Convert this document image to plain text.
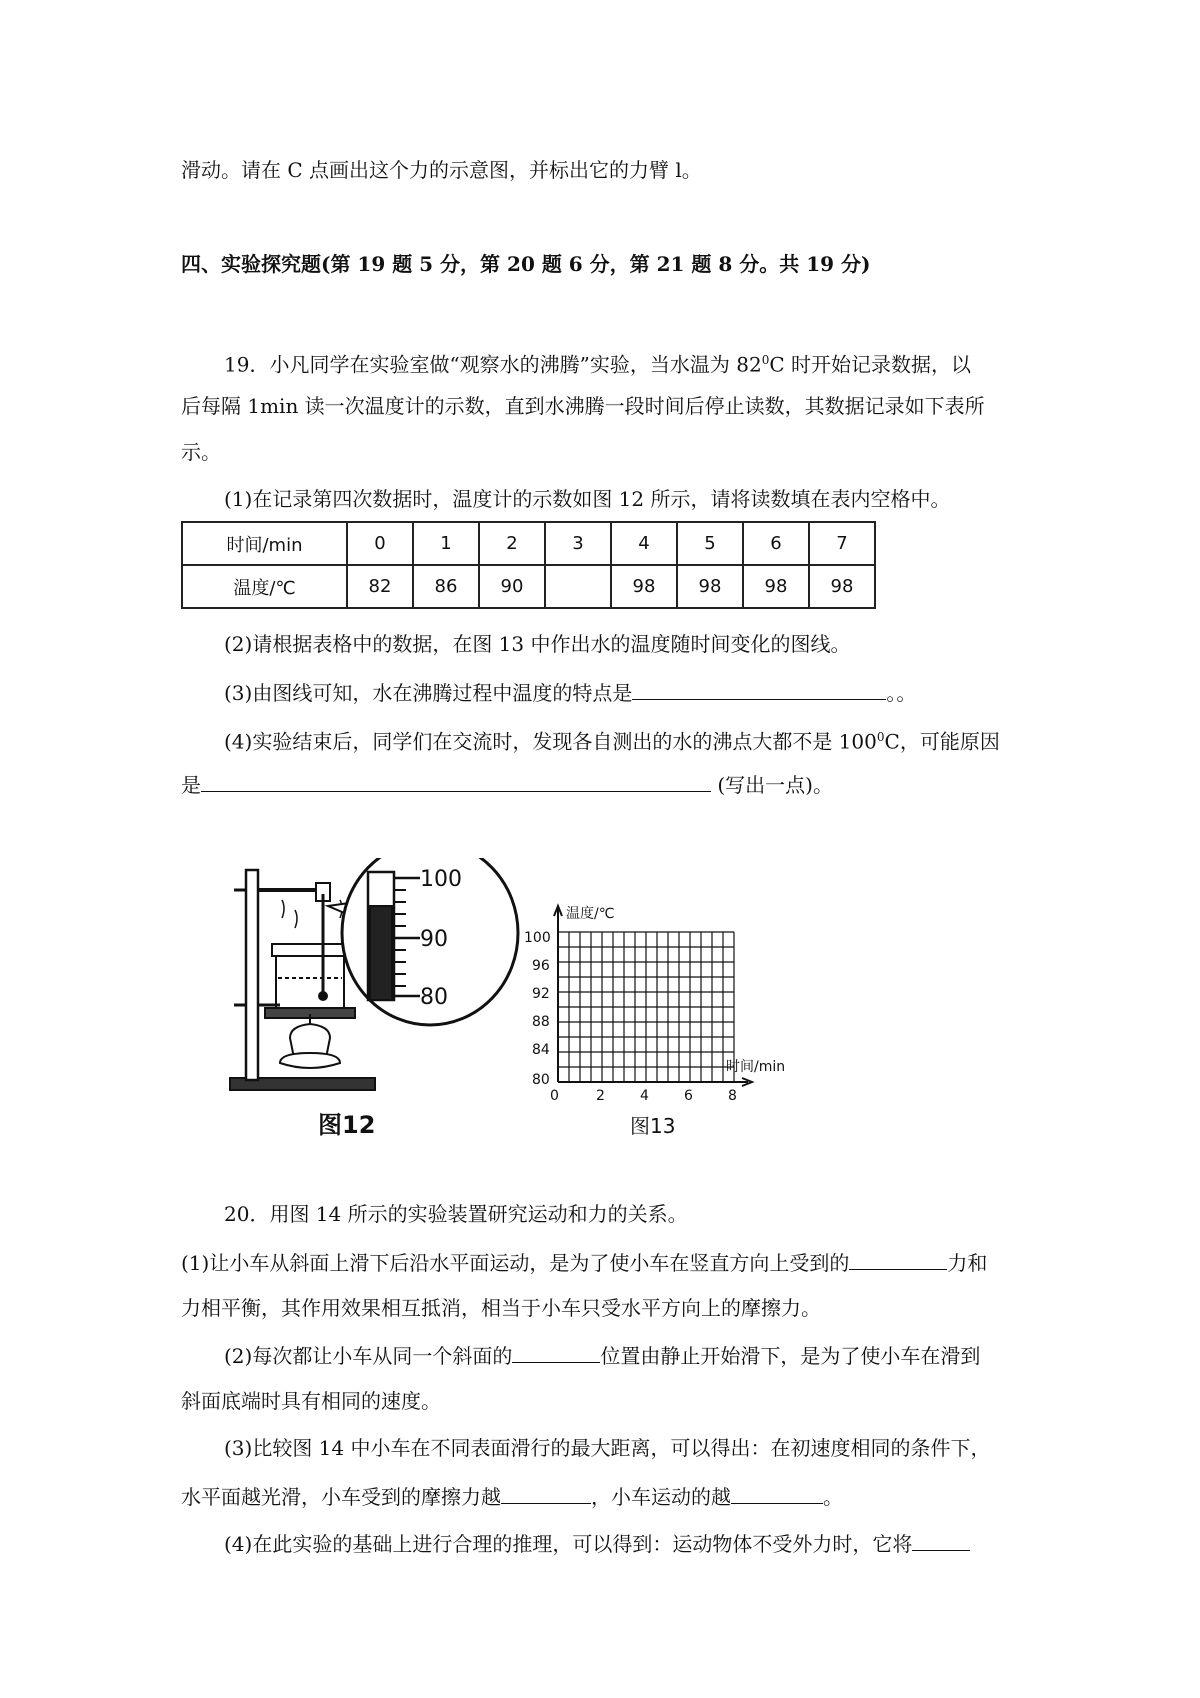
滑动。请在 C 点画出这个力的示意图，并标出它的力臂 l。
四、实验探究题(第 19 题 5 分，第 20 题 6 分，第 21 题 8 分。共 19 分)
19．小凡同学在实验室做“观察水的沸腾”实验，当水温为 $82^0C$ 时开始记录数据，以
后每隔 1min 读一次温度计的示数，直到水沸腾一段时间后停止读数，其数据记录如下表所
示。
(1)在记录第四次数据时，温度计的示数如图 12 所示，请将读数填在表内空格中。
时间/min	0	1	2	3	4	5	6	7
温度/℃	82	86	90		98	98	98	98
(2)请根据表格中的数据，在图 13 中作出水的温度随时间变化的图线。
(3)由图线可知，水在沸腾过程中温度的特点是	。。
(4)实验结束后，同学们在交流时，发现各自测出的水的沸点大都不是 $100^0C$，可能原因
是	(写出一点)。
100
90
80
图12
温度/℃
时间/min
100
96
92
88
84
80
0	2	4	6	8
图13
20．用图 14 所示的实验装置研究运动和力的关系。
(1)让小车从斜面上滑下后沿水平面运动，是为了使小车在竖直方向上受到的	力和
力相平衡，其作用效果相互抵消，相当于小车只受水平方向上的摩擦力。
(2)每次都让小车从同一个斜面的	位置由静止开始滑下，是为了使小车在滑到
斜面底端时具有相同的速度。
(3)比较图 14 中小车在不同表面滑行的最大距离，可以得出：在初速度相同的条件下，
水平面越光滑，小车受到的摩擦力越	，小车运动的越	。
(4)在此实验的基础上进行合理的推理，可以得到：运动物体不受外力时，它将
